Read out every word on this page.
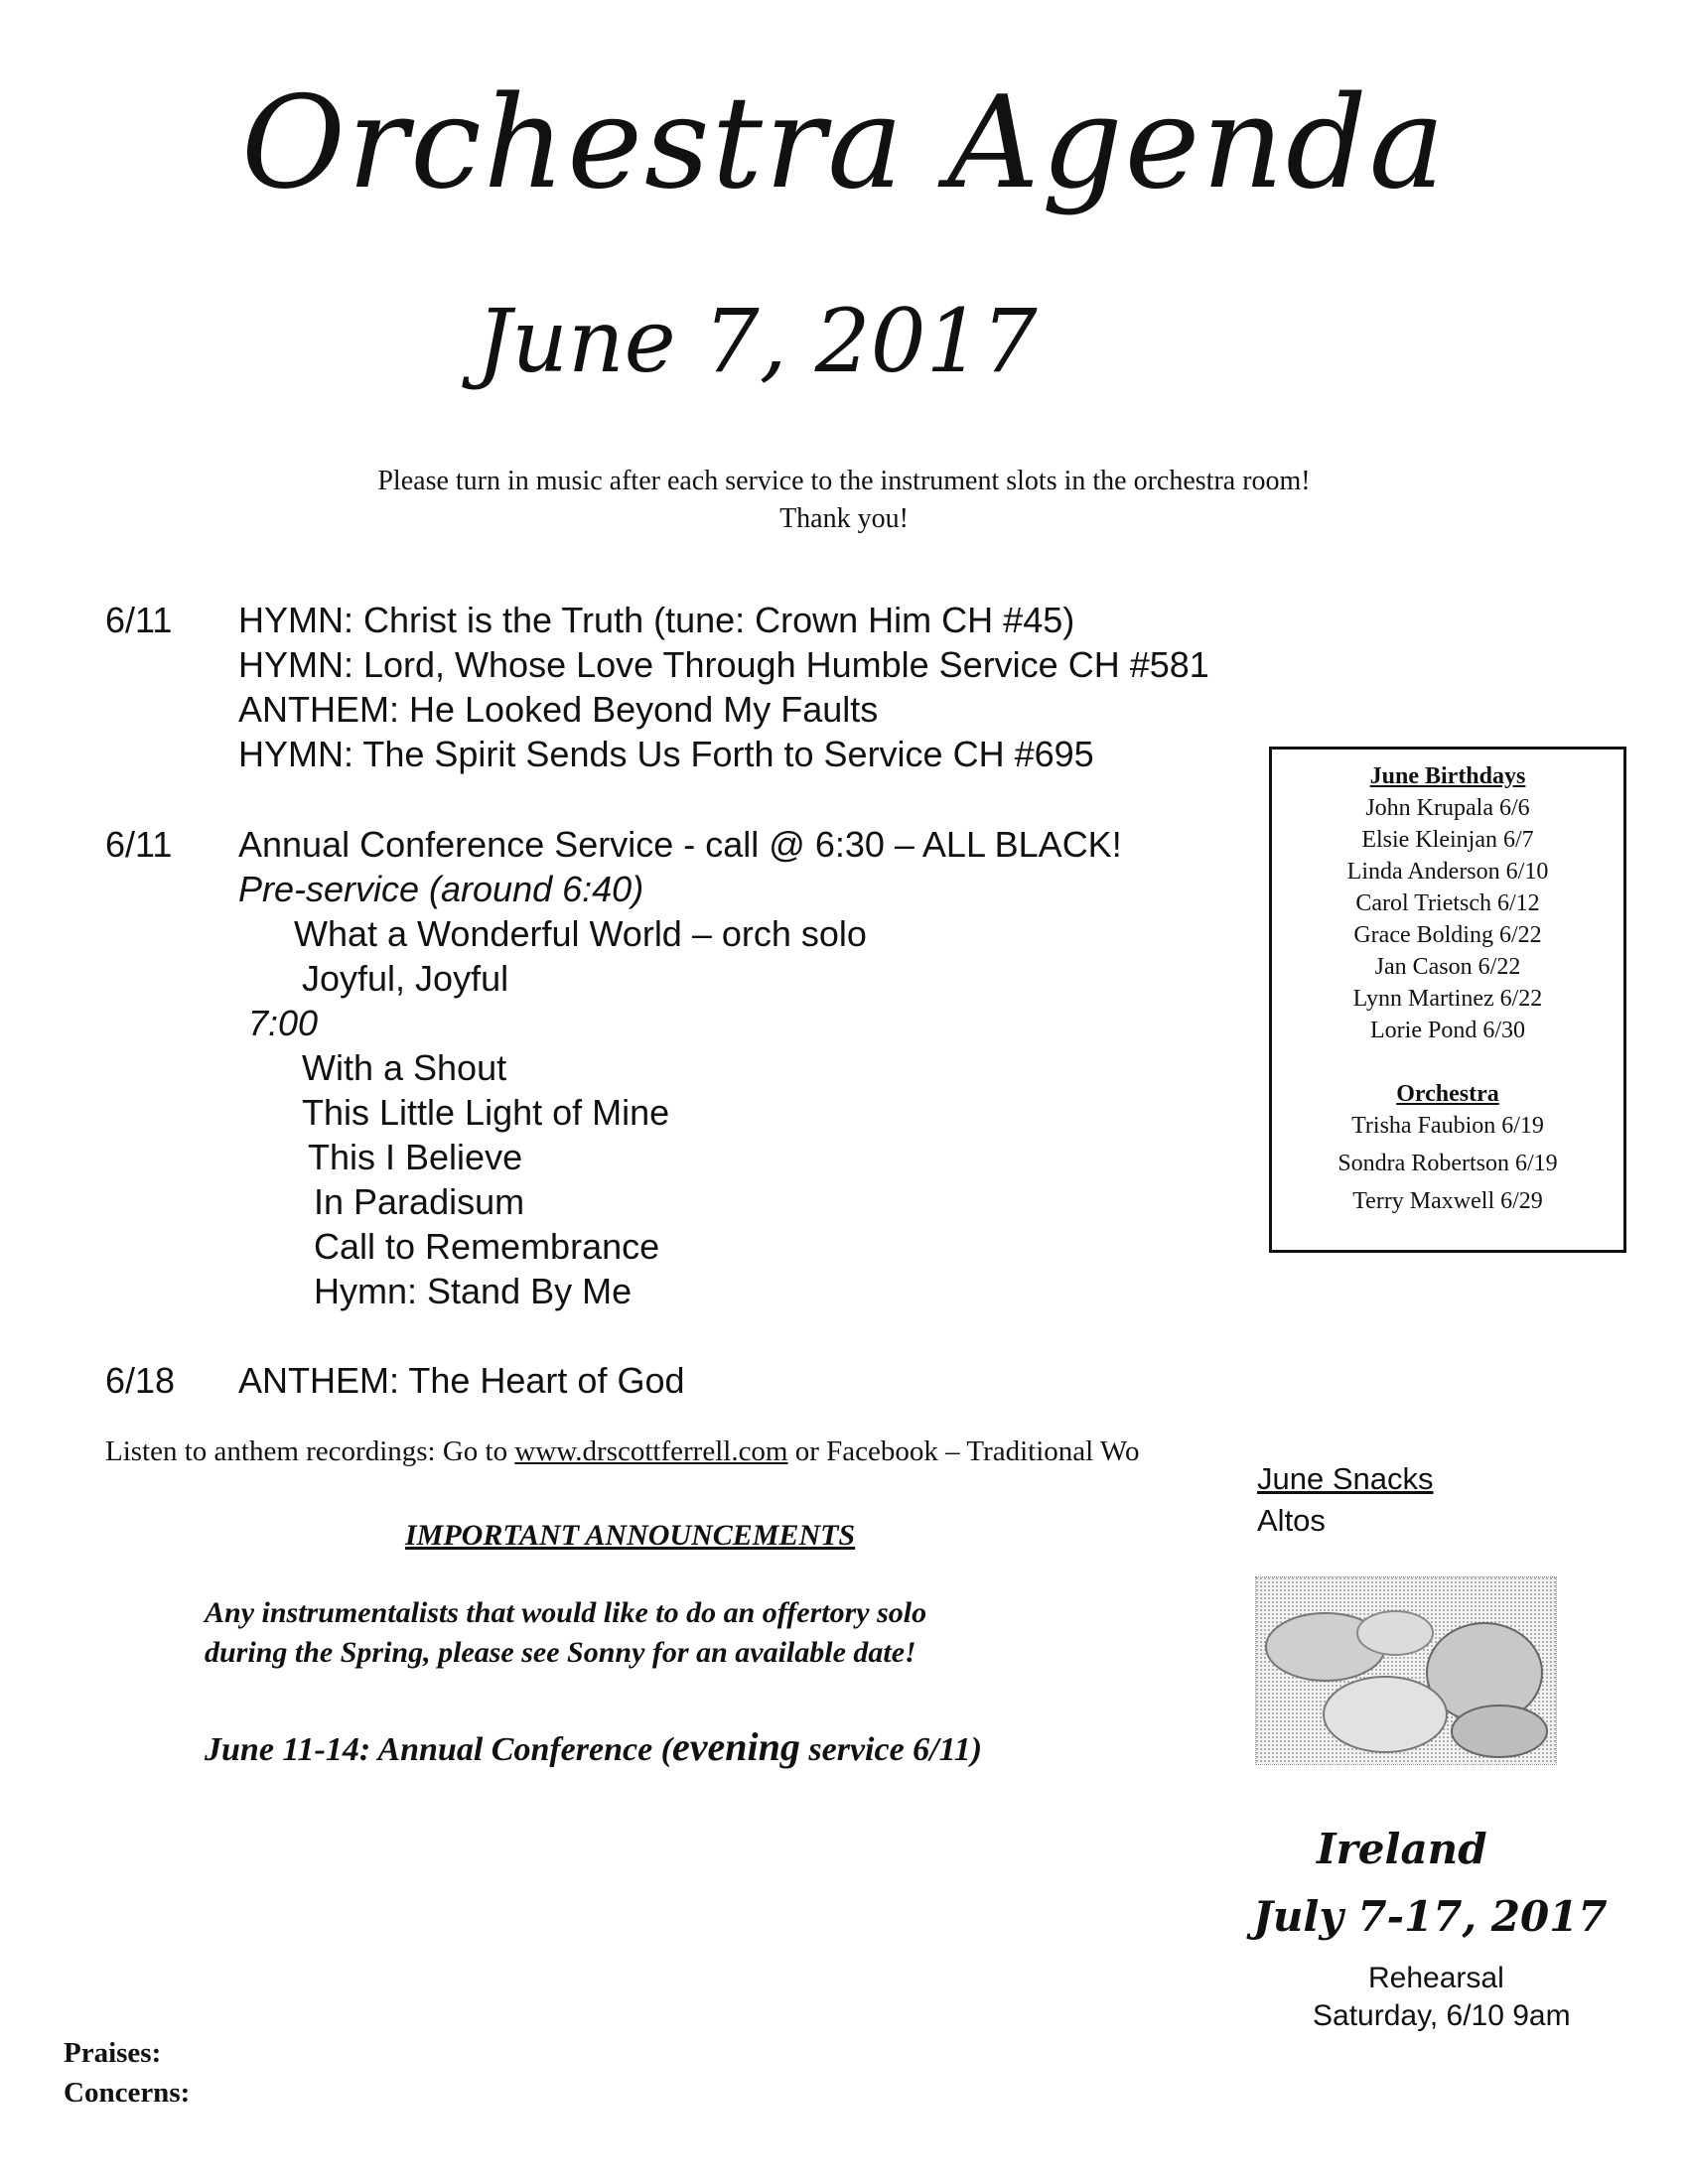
Orchestra Agenda
June 7, 2017
Please turn in music after each service to the instrument slots in the orchestra room!
Thank you!
6/11 HYMN: Christ is the Truth (tune: Crown Him CH #45)
HYMN: Lord, Whose Love Through Humble Service CH #581
ANTHEM: He Looked Beyond My Faults
HYMN: The Spirit Sends Us Forth to Service CH #695
6/11 Annual Conference Service - call @ 6:30 – ALL BLACK!
Pre-service (around 6:40)
What a Wonderful World – orch solo
Joyful, Joyful
7:00
With a Shout
This Little Light of Mine
This I Believe
In Paradisum
Call to Remembrance
Hymn: Stand By Me
6/18 ANTHEM: The Heart of God
June Birthdays
John Krupala 6/6
Elsie Kleinjan 6/7
Linda Anderson 6/10
Carol Trietsch 6/12
Grace Bolding 6/22
Jan Cason 6/22
Lynn Martinez 6/22
Lorie Pond 6/30
Orchestra
Trisha Faubion 6/19
Sondra Robertson 6/19
Terry Maxwell 6/29
Listen to anthem recordings: Go to www.drscottferrell.com or Facebook – Traditional Wo
IMPORTANT ANNOUNCEMENTS
Any instrumentalists that would like to do an offertory solo
during the Spring, please see Sonny for an available date!
June 11-14: Annual Conference (evening service 6/11)
June Snacks
Altos
Ireland
July 7-17, 2017
Rehearsal
Saturday, 6/10 9am
Praises:
Concerns:
